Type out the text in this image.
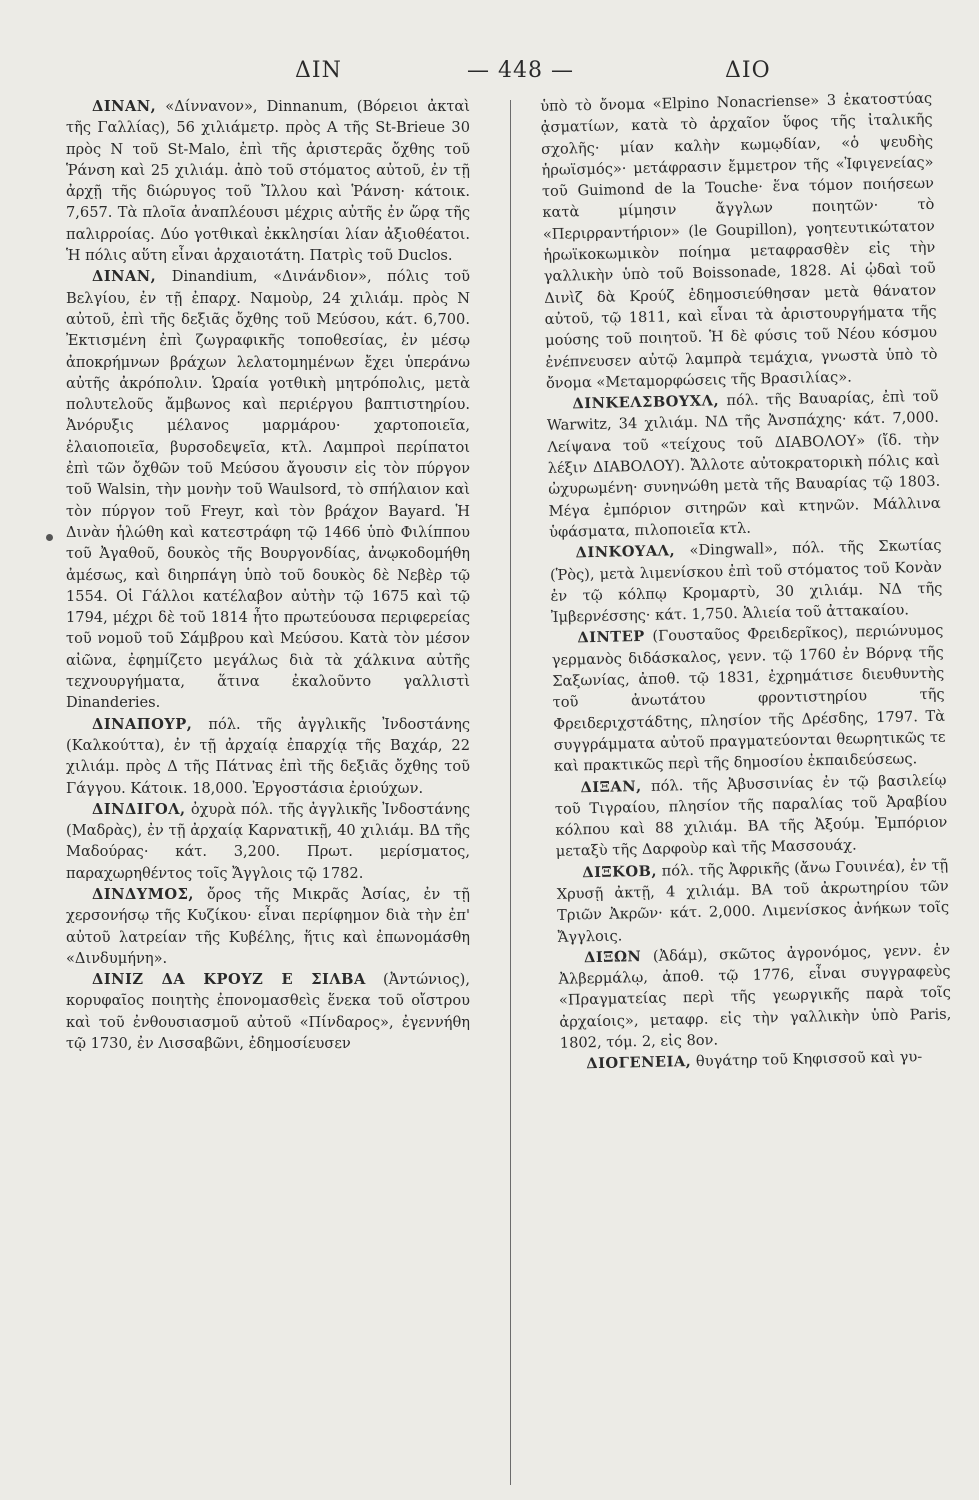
ΔΙΝ	— 448 —	ΔΙΟ

ΔΙΝΑΝ, «Δίνναvον», Dinnanum, (Βόρειοι ἀκταὶ τῆς Γαλλίας), 56 χιλιάμετρ. πρὸς Α τῆς St-Brieue 30 πρὸς Ν τοῦ St-Malo, ἐπὶ τῆς ἀριστερᾶς ὄχθης τοῦ Ῥάνση καὶ 25 χιλιάμ. ἀπὸ τοῦ στόματος αὐτοῦ, ἐν τῇ ἀρχῇ τῆς διώρυγος τοῦ Ἴλλου καὶ Ῥάνση· κάτοικ. 7,657. Τὰ πλοῖα ἀναπλέουσι μέχρις αὐτῆς ἐν ὥρᾳ τῆς παλιρροίας. Δύο γοτθικαὶ ἐκκλησίαι λίαν ἀξιοθέατοι. Ἡ πόλις αὕτη εἶναι ἀρχαιοτάτη. Πατρὶς τοῦ Duclos.

ΔΙΝΑΝ, Dinandium, «Δινάνδιον», πόλις τοῦ Βελγίου, ἐν τῇ ἐπαρχ. Ναμοὺρ, 24 χιλιάμ. πρὸς Ν αὐτοῦ, ἐπὶ τῆς δεξιᾶς ὄχθης τοῦ Μεύσου, κάτ. 6,700. Ἐκτισμένη ἐπὶ ζωγραφικῆς τοποθεσίας, ἐν μέσῳ ἀποκρήμνων βράχων λελατομημένων ἔχει ὑπεράνω αὐτῆς ἀκρόπολιν. Ὡραία γοτθικὴ μητρόπολις, μετὰ πολυτελοῦς ἄμβωνος καὶ περιέργου βαπτιστηρίου. Ἀνόρυξις μέλανος μαρμάρου· χαρτοποιεῖα, ἐλαιοποιεῖα, βυρσοδεψεῖα, κτλ. Λαμπροὶ περίπατοι ἐπὶ τῶν ὄχθῶν τοῦ Μεύσου ἄγουσιν εἰς τὸν πύργον τοῦ Walsin, τὴν μονὴν τοῦ Waulsord, τὸ σπήλαιον καὶ τὸν πύργον τοῦ Freyr, καὶ τὸν βράχον Bayard. Ἡ Δινὰν ἡλώθη καὶ κατεστράφη τῷ 1466 ὑπὸ Φιλίππου τοῦ Ἀγαθοῦ, δουκὸς τῆς Βουργονδίας, ἀνῳκοδομήθη ἀμέσως, καὶ διηρπάγη ὑπὸ τοῦ δουκὸς δὲ Νεβὲρ τῷ 1554. Οἱ Γάλλοι κατέλαβον αὐτὴν τῷ 1675 καὶ τῷ 1794, μέχρι δὲ τοῦ 1814 ἦτο πρωτεύουσα περιφερείας τοῦ νομοῦ τοῦ Σάμβρου καὶ Μεύσου. Κατὰ τὸν μέσον αἰῶνα, ἐφημίζετο μεγάλως διὰ τὰ χάλκινα αὐτῆς τεχνουργήματα, ἅτινα ἐκαλοῦντο γαλλιστὶ Dinanderies.

ΔΙΝΑΠΟΥΡ, πόλ. τῆς ἀγγλικῆς Ἰνδοστάνης (Καλκούττα), ἐν τῇ ἀρχαίᾳ ἐπαρχίᾳ τῆς Βαχάρ, 22 χιλιάμ. πρὸς Δ τῆς Πάτνας ἐπὶ τῆς δεξιᾶς ὄχθης τοῦ Γάγγου. Κάτοικ. 18,000. Ἐργοστάσια ἐριούχων.

ΔΙΝΔΙΓΟΛ, ὀχυρὰ πόλ. τῆς ἀγγλικῆς Ἰνδοστάνης (Μαδρὰς), ἐν τῇ ἀρχαίᾳ Καρνατικῇ, 40 χιλιάμ. ΒΔ τῆς Μαδούρας· κάτ. 3,200. Πρωτ. μερίσματος, παραχωρηθέντος τοῖς Ἄγγλοις τῷ 1782.

ΔΙΝΔΥΜΟΣ, ὄρος τῆς Μικρᾶς Ἀσίας, ἐν τῇ χερσονήσῳ τῆς Κυζίκου· εἶναι περίφημον διὰ τὴν ἐπ' αὐτοῦ λατρείαν τῆς Κυβέλης, ἥτις καὶ ἐπωνομάσθη «Δινδυμήνη».

ΔΙΝΙΖ ΔΑ ΚΡΟΥΖ Ε ΣΙΛΒΑ (Ἀντώνιος), κορυφαῖος ποιητὴς ἐπονομασθεὶς ἕνεκα τοῦ οἴστρου καὶ τοῦ ἐνθουσιασμοῦ αὐτοῦ «Πίνδαρος», ἐγεννήθη τῷ 1730, ἐν Λισσαβῶνι, ἐδημοσίευσεν

ὑπὸ τὸ ὄνομα «Elpino Nonacriense» 3 ἑκατοστύας ᾀσματίων, κατὰ τὸ ἀρχαῖον ὕφος τῆς ἰταλικῆς σχολῆς· μίαν καλὴν κωμῳδίαν, «ὁ ψευδὴς ἡρωϊσμός»· μετάφρασιν ἔμμετρον τῆς «Ἰφιγενείας» τοῦ Guimond de la Touche· ἕνα τόμον ποιήσεων κατὰ μίμησιν ἄγγλων ποιητῶν· τὸ «Περιρραντήριον» (le Goupillon), γοητευτικώτατον ἡρωϊκοκωμικὸν ποίημα μεταφρασθὲν εἰς τὴν γαλλικὴν ὑπὸ τοῦ Boissonade, 1828. Αἱ ᾠδαὶ τοῦ Δινὶζ δὰ Κρούζ ἐδημοσιεύθησαν μετὰ θάνατον αὐτοῦ, τῷ 1811, καὶ εἶναι τὰ ἀριστουργήματα τῆς μούσης τοῦ ποιητοῦ. Ἡ δὲ φύσις τοῦ Νέου κόσμου ἐνέπνευσεν αὐτῷ λαμπρὰ τεμάχια, γνωστὰ ὑπὸ τὸ ὄνομα «Μεταμορφώσεις τῆς Βρασιλίας».

ΔΙΝΚΕΛΣΒΟΥΧΛ, πόλ. τῆς Βαυαρίας, ἐπὶ τοῦ Warwitz, 34 χιλιάμ. ΝΔ τῆς Ἀνσπάχης· κάτ. 7,000. Λείψανα τοῦ «τείχους τοῦ ΔΙΑΒΟΛΟΥ» (ἴδ. τὴν λέξιν ΔΙΑΒΟΛΟΥ). Ἄλλοτε αὐτοκρατορικὴ πόλις καὶ ὠχυρωμένη· συνηνώθη μετὰ τῆς Βαυαρίας τῷ 1803. Μέγα ἐμπόριον σιτηρῶν καὶ κτηνῶν. Μάλλινα ὑφάσματα, πιλοποιεῖα κτλ.

ΔΙΝΚΟΥΑΛ, «Dingwall», πόλ. τῆς Σκωτίας (Ῥὸς), μετὰ λιμενίσκου ἐπὶ τοῦ στόματος τοῦ Κονὰν ἐν τῷ κόλπῳ Κρομαρτὺ, 30 χιλιάμ. ΝΔ τῆς Ἰμβερνέσσης· κάτ. 1,750. Ἁλιεία τοῦ ἀττακαίου.

ΔΙΝΤΕΡ (Γουσταῦος Φρειδερῖκος), περιώνυμος γερμανὸς διδάσκαλος, γενν. τῷ 1760 ἐν Βόρνᾳ τῆς Σαξωνίας, ἀποθ. τῷ 1831, ἐχρημάτισε διευθυντὴς τοῦ ἀνωτάτου φροντιστηρίου τῆς Φρειδεριχστάδτης, πλησίον τῆς Δρέσδης, 1797. Τὰ συγγράμματα αὐτοῦ πραγματεύονται θεωρητικῶς τε καὶ πρακτικῶς περὶ τῆς δημοσίου ἐκπαιδεύσεως.

ΔΙΞΑΝ, πόλ. τῆς Ἀβυσσινίας ἐν τῷ βασιλείῳ τοῦ Τιγραίου, πλησίον τῆς παραλίας τοῦ Ἀραβίου κόλπου καὶ 88 χιλιάμ. ΒΑ τῆς Ἀξούμ. Ἐμπόριον μεταξὺ τῆς Δαρφοὺρ καὶ τῆς Μασσουάχ.

ΔΙΞΚΟΒ, πόλ. τῆς Ἀφρικῆς (ἄνω Γουινέα), ἐν τῇ Χρυσῇ ἀκτῇ, 4 χιλιάμ. ΒΑ τοῦ ἀκρωτηρίου τῶν Τριῶν Ἀκρῶν· κάτ. 2,000. Λιμενίσκος ἀνήκων τοῖς Ἄγγλοις.

ΔΙΞΩΝ (Ἀδάμ), σκῶτος ἀγρονόμος, γενν. ἐν Ἀλβερμάλῳ, ἀποθ. τῷ 1776, εἶναι συγγραφεὺς «Πραγματείας περὶ τῆς γεωργικῆς παρὰ τοῖς ἀρχαίοις», μεταφρ. εἰς τὴν γαλλικὴν ὑπὸ Paris, 1802, τόμ. 2, εἰς 8ον.

ΔΙΟΓΕΝΕΙΑ, θυγάτηρ τοῦ Κηφισσοῦ καὶ γυ-
